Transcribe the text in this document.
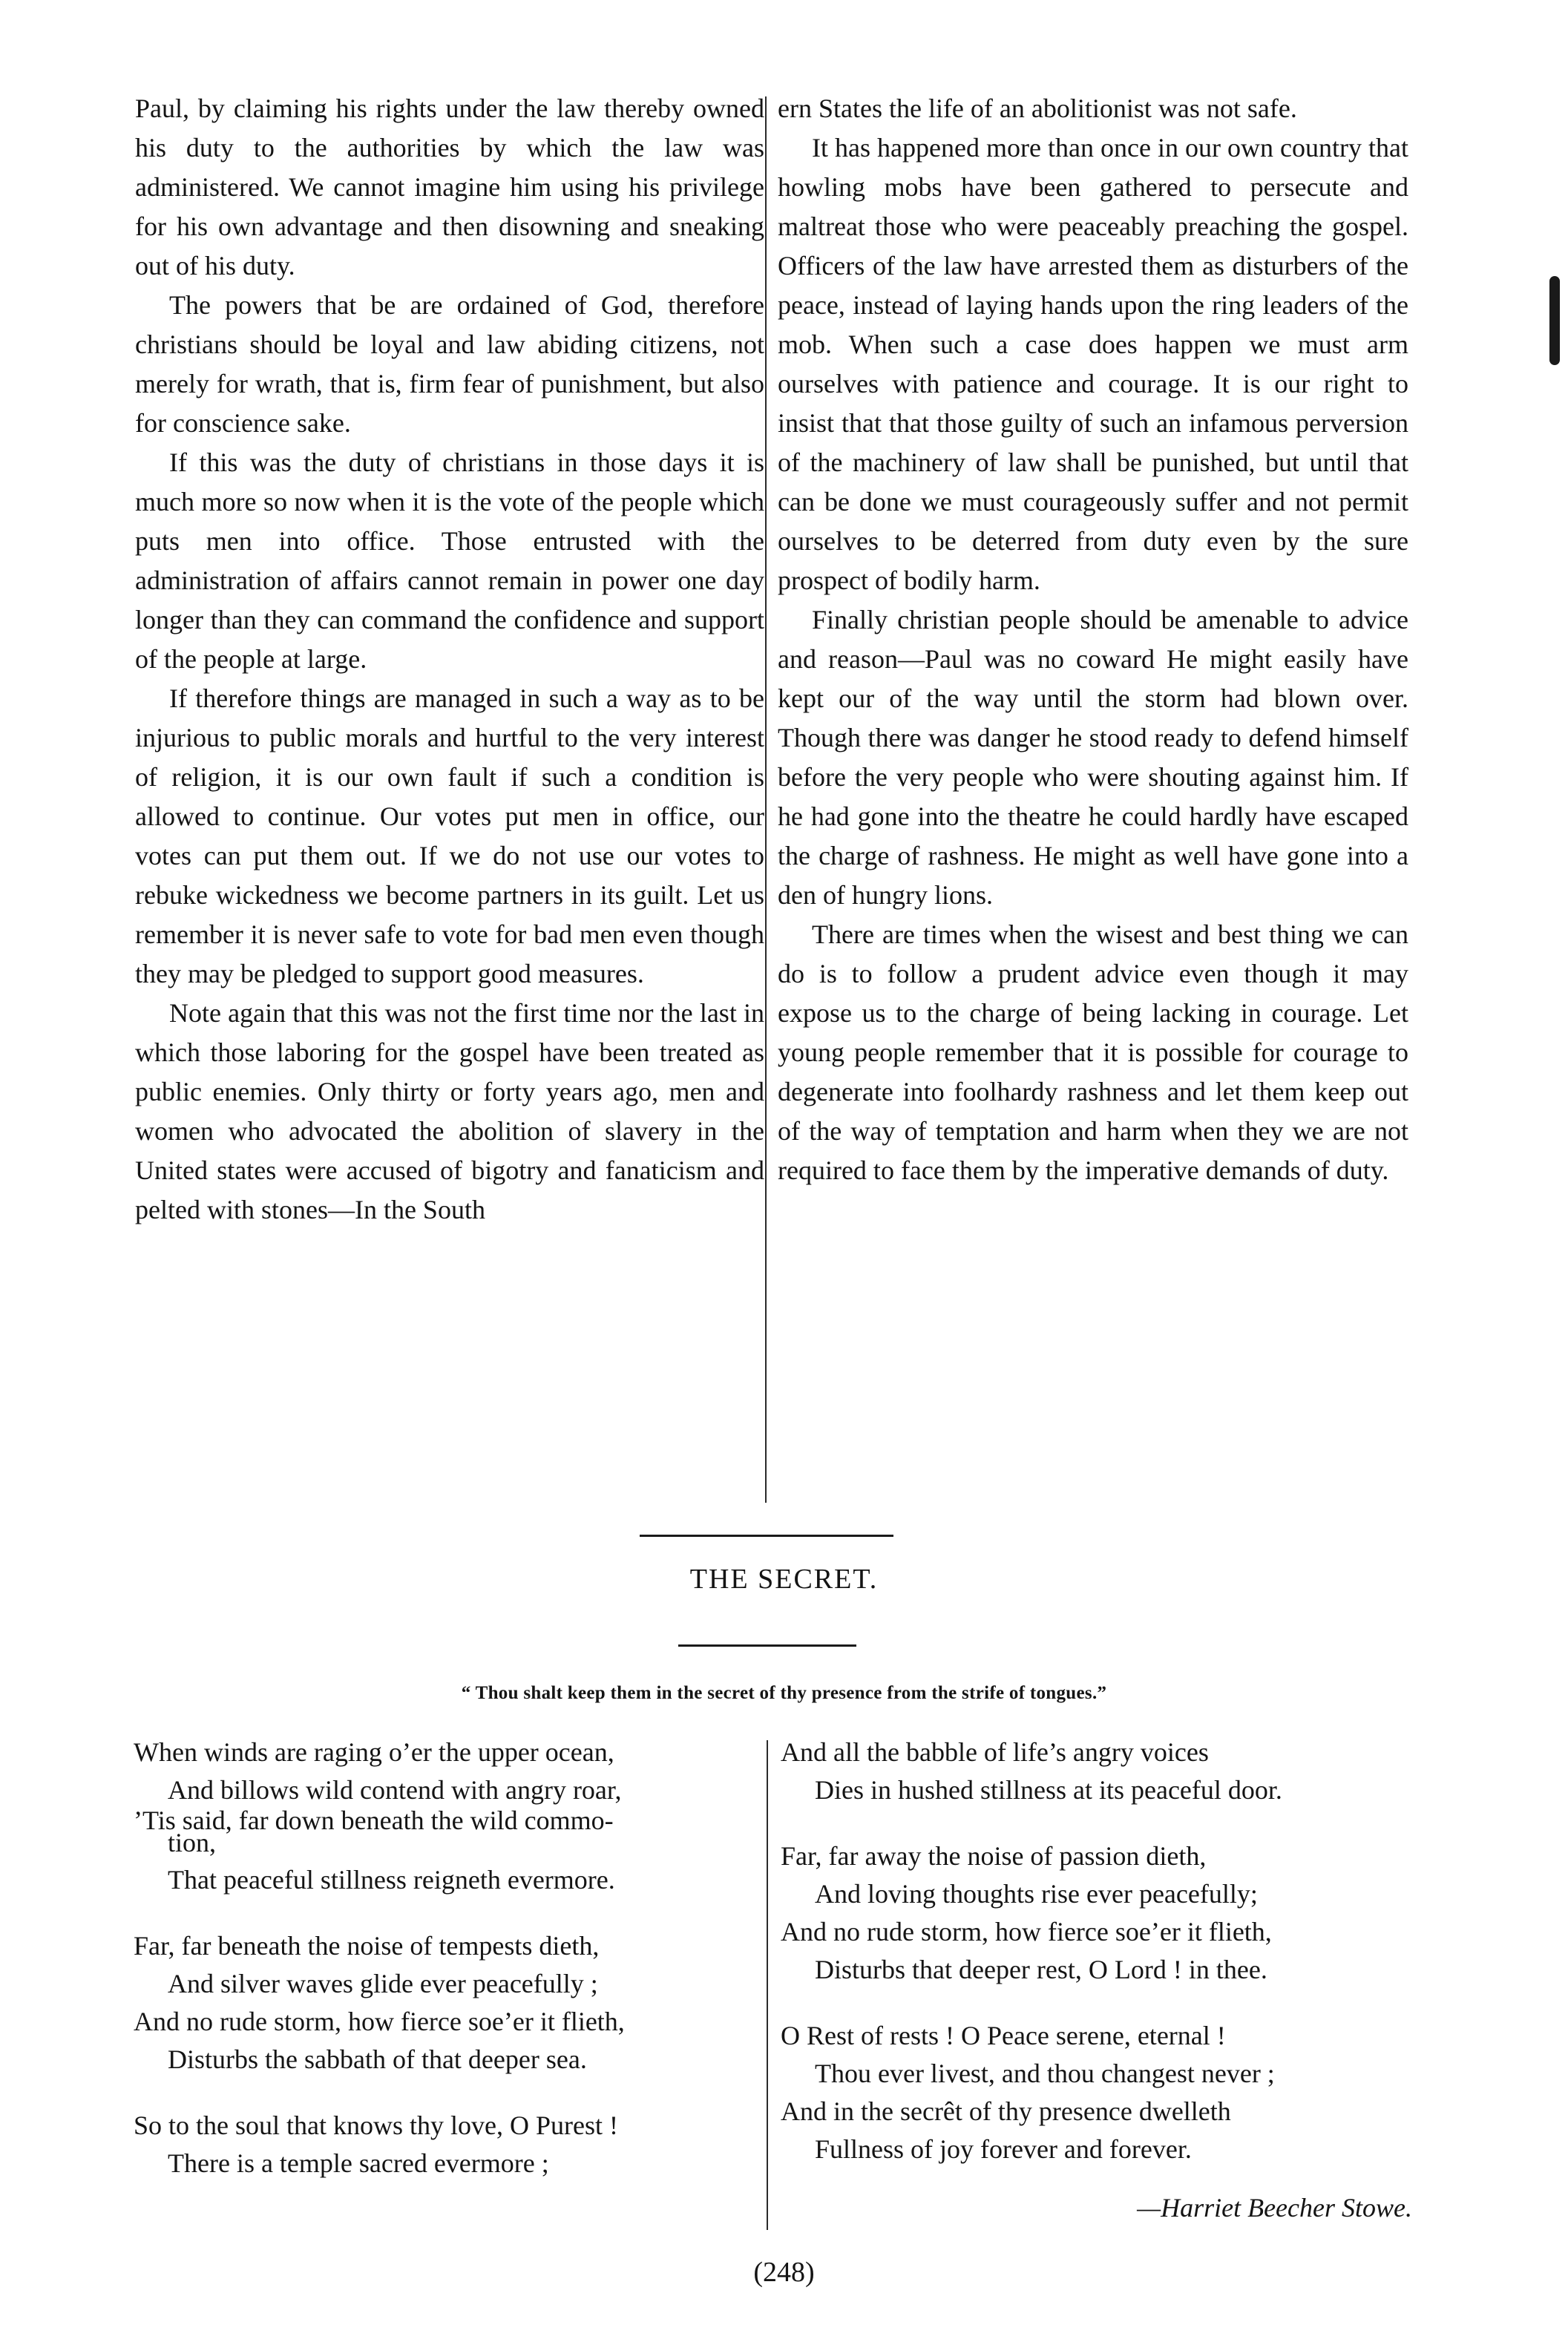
Paul, by claiming his rights under the law thereby owned his duty to the authorities by which the law was administered. We cannot imagine him using his privilege for his own advantage and then disowning and sneaking out of his duty.

The powers that be are ordained of God, therefore christians should be loyal and law abiding citizens, not merely for wrath, that is, firm fear of punishment, but also for conscience sake.

If this was the duty of christians in those days it is much more so now when it is the vote of the people which puts men into office. Those entrusted with the administration of affairs cannot remain in power one day longer than they can command the confidence and support of the people at large.

If therefore things are managed in such a way as to be injurious to public morals and hurtful to the very interest of religion, it is our own fault if such a condition is allowed to continue. Our votes put men in office, our votes can put them out. If we do not use our votes to rebuke wickedness we become partners in its guilt. Let us remember it is never safe to vote for bad men even though they may be pledged to support good measures.

Note again that this was not the first time nor the last in which those laboring for the gospel have been treated as public enemies. Only thirty or forty years ago, men and women who advocated the abolition of slavery in the United states were accused of bigotry and fanaticism and pelted with stones—In the South

ern States the life of an abolitionist was not safe.

It has happened more than once in our own country that howling mobs have been gathered to persecute and maltreat those who were peaceably preaching the gospel. Officers of the law have arrested them as disturbers of the peace, instead of laying hands upon the ring leaders of the mob. When such a case does happen we must arm ourselves with patience and courage. It is our right to insist that that those guilty of such an infamous perversion of the machinery of law shall be punished, but until that can be done we must courageously suffer and not permit ourselves to be deterred from duty even by the sure prospect of bodily harm.

Finally christian people should be amenable to advice and reason—Paul was no coward He might easily have kept our of the way until the storm had blown over. Though there was danger he stood ready to defend himself before the very people who were shouting against him. If he had gone into the theatre he could hardly have escaped the charge of rashness. He might as well have gone into a den of hungry lions.

There are times when the wisest and best thing we can do is to follow a prudent advice even though it may expose us to the charge of being lacking in courage. Let young people remember that it is possible for courage to degenerate into foolhardy rashness and let them keep out of the way of temptation and harm when they we are not required to face them by the imperative demands of duty.

THE SECRET.
“ Thou shalt keep them in the secret of thy presence from the strife of tongues.”
When winds are raging o’er the upper ocean,
And billows wild contend with angry roar,
’Tis said, far down beneath the wild commo-
tion,
That peaceful stillness reigneth evermore.
Far, far beneath the noise of tempests dieth,
And silver waves glide ever peacefully ;
And no rude storm, how fierce soe’er it flieth,
Disturbs the sabbath of that deeper sea.
So to the soul that knows thy love, O Purest !
There is a temple sacred evermore ;
And all the babble of life’s angry voices
Dies in hushed stillness at its peaceful door.
Far, far away the noise of passion dieth,
And loving thoughts rise ever peacefully;
And no rude storm, how fierce soe’er it flieth,
Disturbs that deeper rest, O Lord ! in thee.
O Rest of rests ! O Peace serene, eternal !
Thou ever livest, and thou changest never ;
And in the secrêt of thy presence dwelleth
Fullness of joy forever and forever.
—Harriet Beecher Stowe.
(248)
